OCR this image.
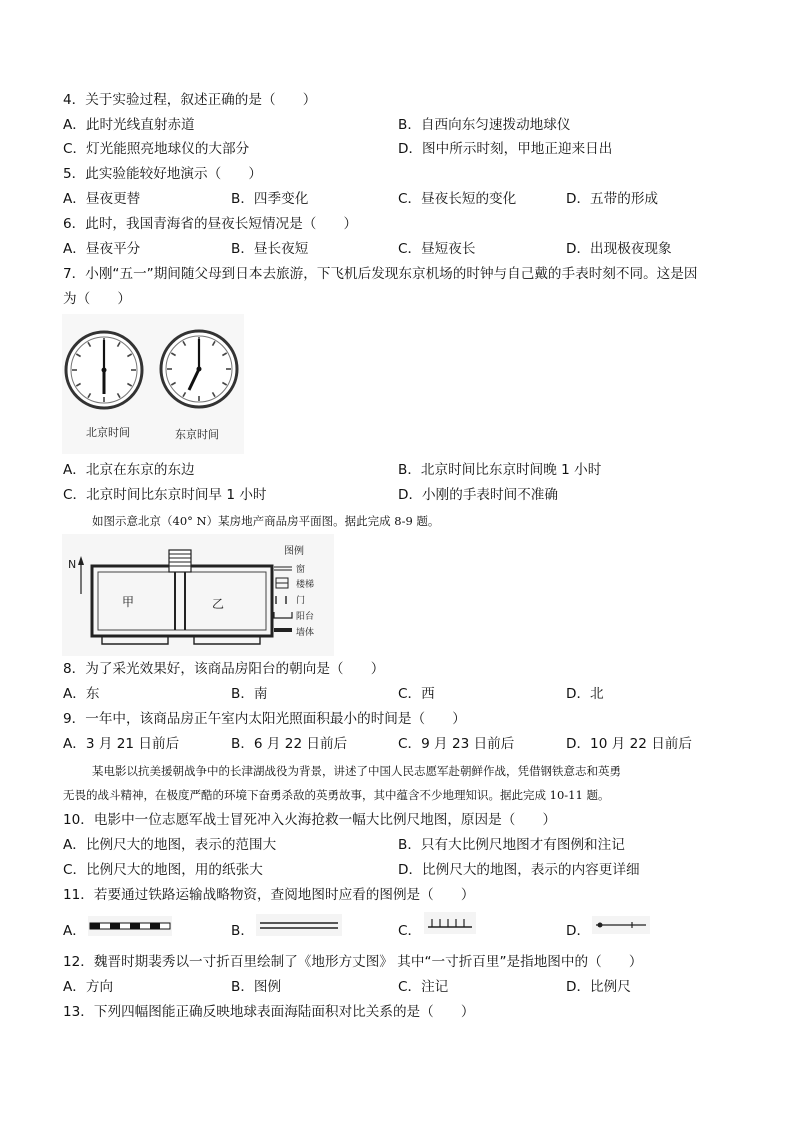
4．关于实验过程，叙述正确的是（　　）
A．此时光线直射赤道	B．自西向东匀速拨动地球仪
C．灯光能照亮地球仪的大部分	D．图中所示时刻，甲地正迎来日出
5．此实验能较好地演示（　　）
A．昼夜更替	B．四季变化	C．昼夜长短的变化	D．五带的形成
6．此时，我国青海省的昼夜长短情况是（　　）
A．昼夜平分	B．昼长夜短	C．昼短夜长	D．出现极夜现象
7．小刚“五一”期间随父母到日本去旅游，下飞机后发现东京机场的时钟与自己戴的手表时刻不同。这是因
为（　　）
北京时间	东京时间
A．北京在东京的东边	B．北京时间比东京时间晚 1 小时
C．北京时间比东京时间早 1 小时	D．小刚的手表时间不准确
如图示意北京（40° N）某房地产商品房平面图。据此完成 8-9 题。
N
甲	乙
图例
窗
楼梯
门
阳台
墙体
8．为了采光效果好，该商品房阳台的朝向是（　　）
A．东	B．南	C．西	D．北
9．一年中，该商品房正午室内太阳光照面积最小的时间是（　　）
A．3 月 21 日前后	B．6 月 22 日前后	C．9 月 23 日前后	D．10 月 22 日前后
某电影以抗美援朝战争中的长津湖战役为背景，讲述了中国人民志愿军赴朝鲜作战，凭借钢铁意志和英勇
无畏的战斗精神，在极度严酷的环境下奋勇杀敌的英勇故事，其中蕴含不少地理知识。据此完成 10-11 题。
10．电影中一位志愿军战士冒死冲入火海抢救一幅大比例尺地图，原因是（　　）
A．比例尺大的地图，表示的范围大	B．只有大比例尺地图才有图例和注记
C．比例尺大的地图，用的纸张大	D．比例尺大的地图，表示的内容更详细
11．若要通过铁路运输战略物资，查阅地图时应看的图例是（　　）
A．	B．	C．	D．
12．魏晋时期裴秀以一寸折百里绘制了《地形方丈图》 其中“一寸折百里”是指地图中的（　　）
A．方向	B．图例	C．注记	D．比例尺
13．下列四幅图能正确反映地球表面海陆面积对比关系的是（　　）
